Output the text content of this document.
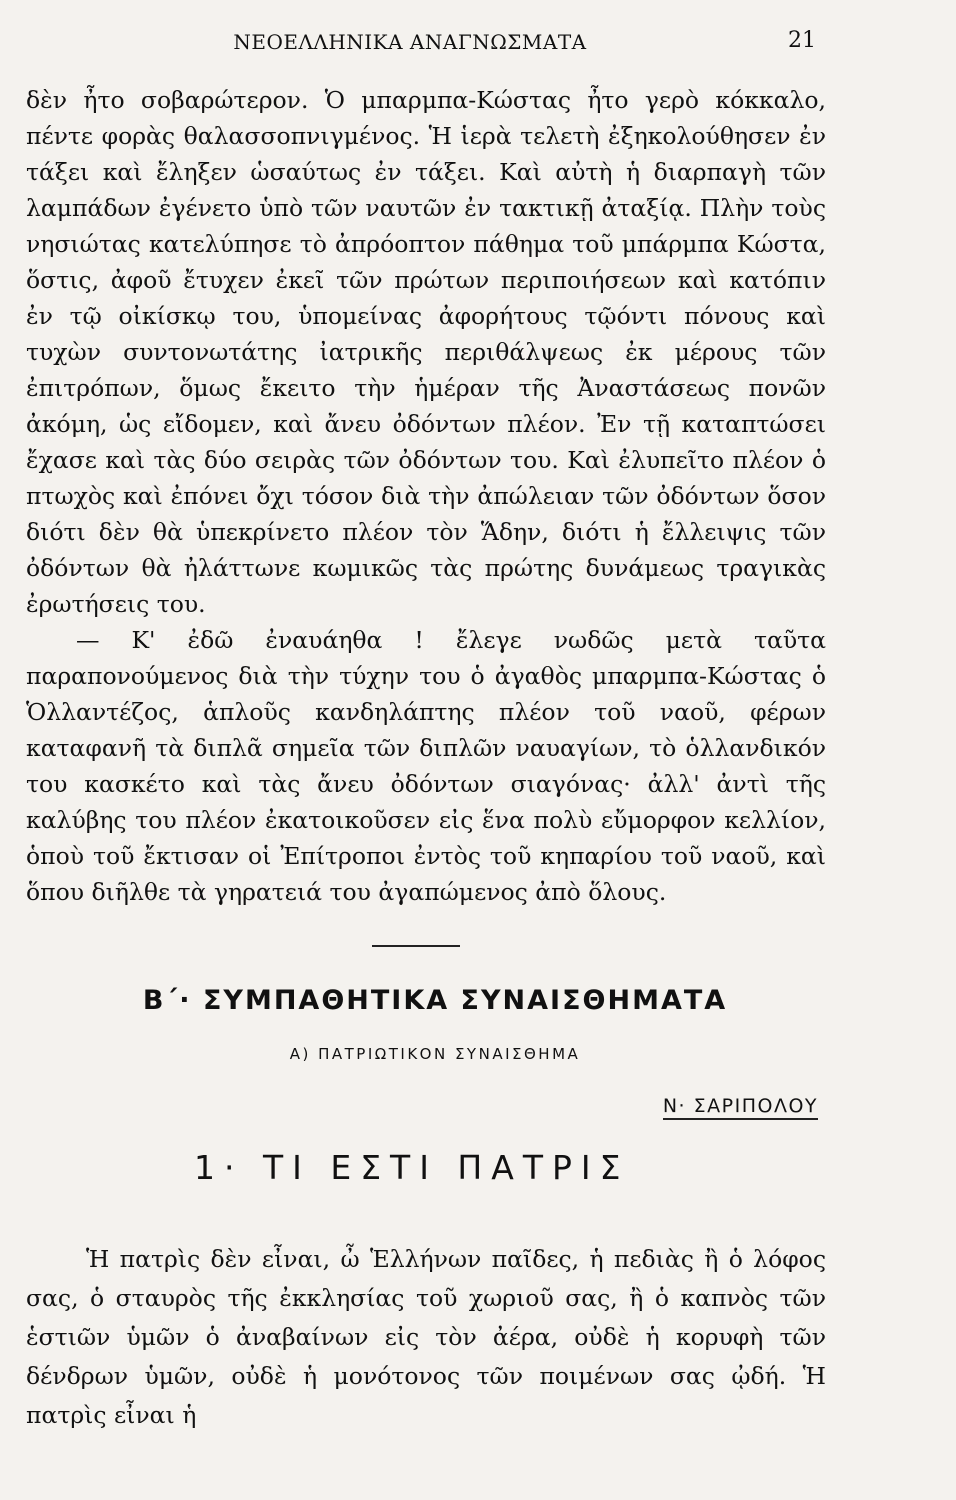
ΝΕΟΕΛΛΗΝΙΚΑ ΑΝΑΓΝΩΣΜΑΤΑ	21

δὲν ἦτο σοβαρώτερον. Ὁ μπαρμπα-Κώστας ἦτο γερὸ κόκκαλο, πέντε φορὰς θαλασσοπνιγμένος. Ἡ ἱερὰ τελετὴ ἐξηκολούθησεν ἐν τάξει καὶ ἔληξεν ὡσαύτως ἐν τάξει. Καὶ αὐτὴ ἡ διαρπαγὴ τῶν λαμπάδων ἐγένετο ὑπὸ τῶν ναυτῶν ἐν τακτικῇ ἀταξίᾳ. Πλὴν τοὺς νησιώτας κατελύπησε τὸ ἀπρόοπτον πάθημα τοῦ μπάρμπα Κώστα, ὅστις, ἀφοῦ ἔτυχεν ἐκεῖ τῶν πρώτων περιποιήσεων καὶ κατόπιν ἐν τῷ οἰκίσκῳ του, ὑπομείνας ἀφορήτους τῷόντι πόνους καὶ τυχὼν συντονωτάτης ἰατρικῆς περιθάλψεως ἐκ μέρους τῶν ἐπιτρόπων, ὅμως ἔκειτο τὴν ἡμέραν τῆς Ἀναστάσεως πονῶν ἀκόμη, ὡς εἴδομεν, καὶ ἄνευ ὀδόντων πλέον. Ἐν τῇ καταπτώσει ἔχασε καὶ τὰς δύο σειρὰς τῶν ὀδόντων του. Καὶ ἐλυπεῖτο πλέον ὁ πτωχὸς καὶ ἐπόνει ὄχι τόσον διὰ τὴν ἀπώλειαν τῶν ὀδόντων ὅσον διότι δὲν θὰ ὑπεκρίνετο πλέον τὸν Ἅδην, διότι ἡ ἔλλειψις τῶν ὀδόντων θὰ ἠλάττωνε κωμικῶς τὰς πρώτης δυνάμεως τραγικὰς ἐρωτήσεις του.

— Κ' ἐδῶ ἐναυάηθα ! ἔλεγε νωδῶς μετὰ ταῦτα παραπονούμενος διὰ τὴν τύχην του ὁ ἀγαθὸς μπαρμπα-Κώστας ὁ Ὁλλαντέζος, ἁπλοῦς κανδηλάπτης πλέον τοῦ ναοῦ, φέρων καταφανῆ τὰ διπλᾶ σημεῖα τῶν διπλῶν ναυαγίων, τὸ ὁλλανδικόν του κασκέτο καὶ τὰς ἄνευ ὀδόντων σιαγόνας· ἀλλ' ἀντὶ τῆς καλύβης του πλέον ἐκατοικοῦσεν εἰς ἕνα πολὺ εὔμορφον κελλίον, ὁποὺ τοῦ ἔκτισαν οἱ Ἐπίτροποι ἐντὸς τοῦ κηπαρίου τοῦ ναοῦ, καὶ ὅπου διῆλθε τὰ γηρατειά του ἀγαπώμενος ἀπὸ ὅλους.

Β΄· ΣΥΜΠΑΘΗΤΙΚΑ ΣΥΝΑΙΣΘΗΜΑΤΑ
Α) ΠΑΤΡΙΩΤΙΚΟΝ ΣΥΝΑΙΣΘΗΜΑ
Ν· ΣΑΡΙΠΟΛΟΥ
1· ΤΙ ΕΣΤΙ ΠΑΤΡΙΣ

Ἡ πατρὶς δὲν εἶναι, ὦ Ἑλλήνων παῖδες, ἡ πεδιὰς ἢ ὁ λόφος σας, ὁ σταυρὸς τῆς ἐκκλησίας τοῦ χωριοῦ σας, ἢ ὁ καπνὸς τῶν ἑστιῶν ὑμῶν ὁ ἀναβαίνων εἰς τὸν ἀέρα, οὐδὲ ἡ κορυφὴ τῶν δένδρων ὑμῶν, οὐδὲ ἡ μονότονος τῶν ποιμένων σας ᾠδή. Ἡ πατρὶς εἶναι ἡ
